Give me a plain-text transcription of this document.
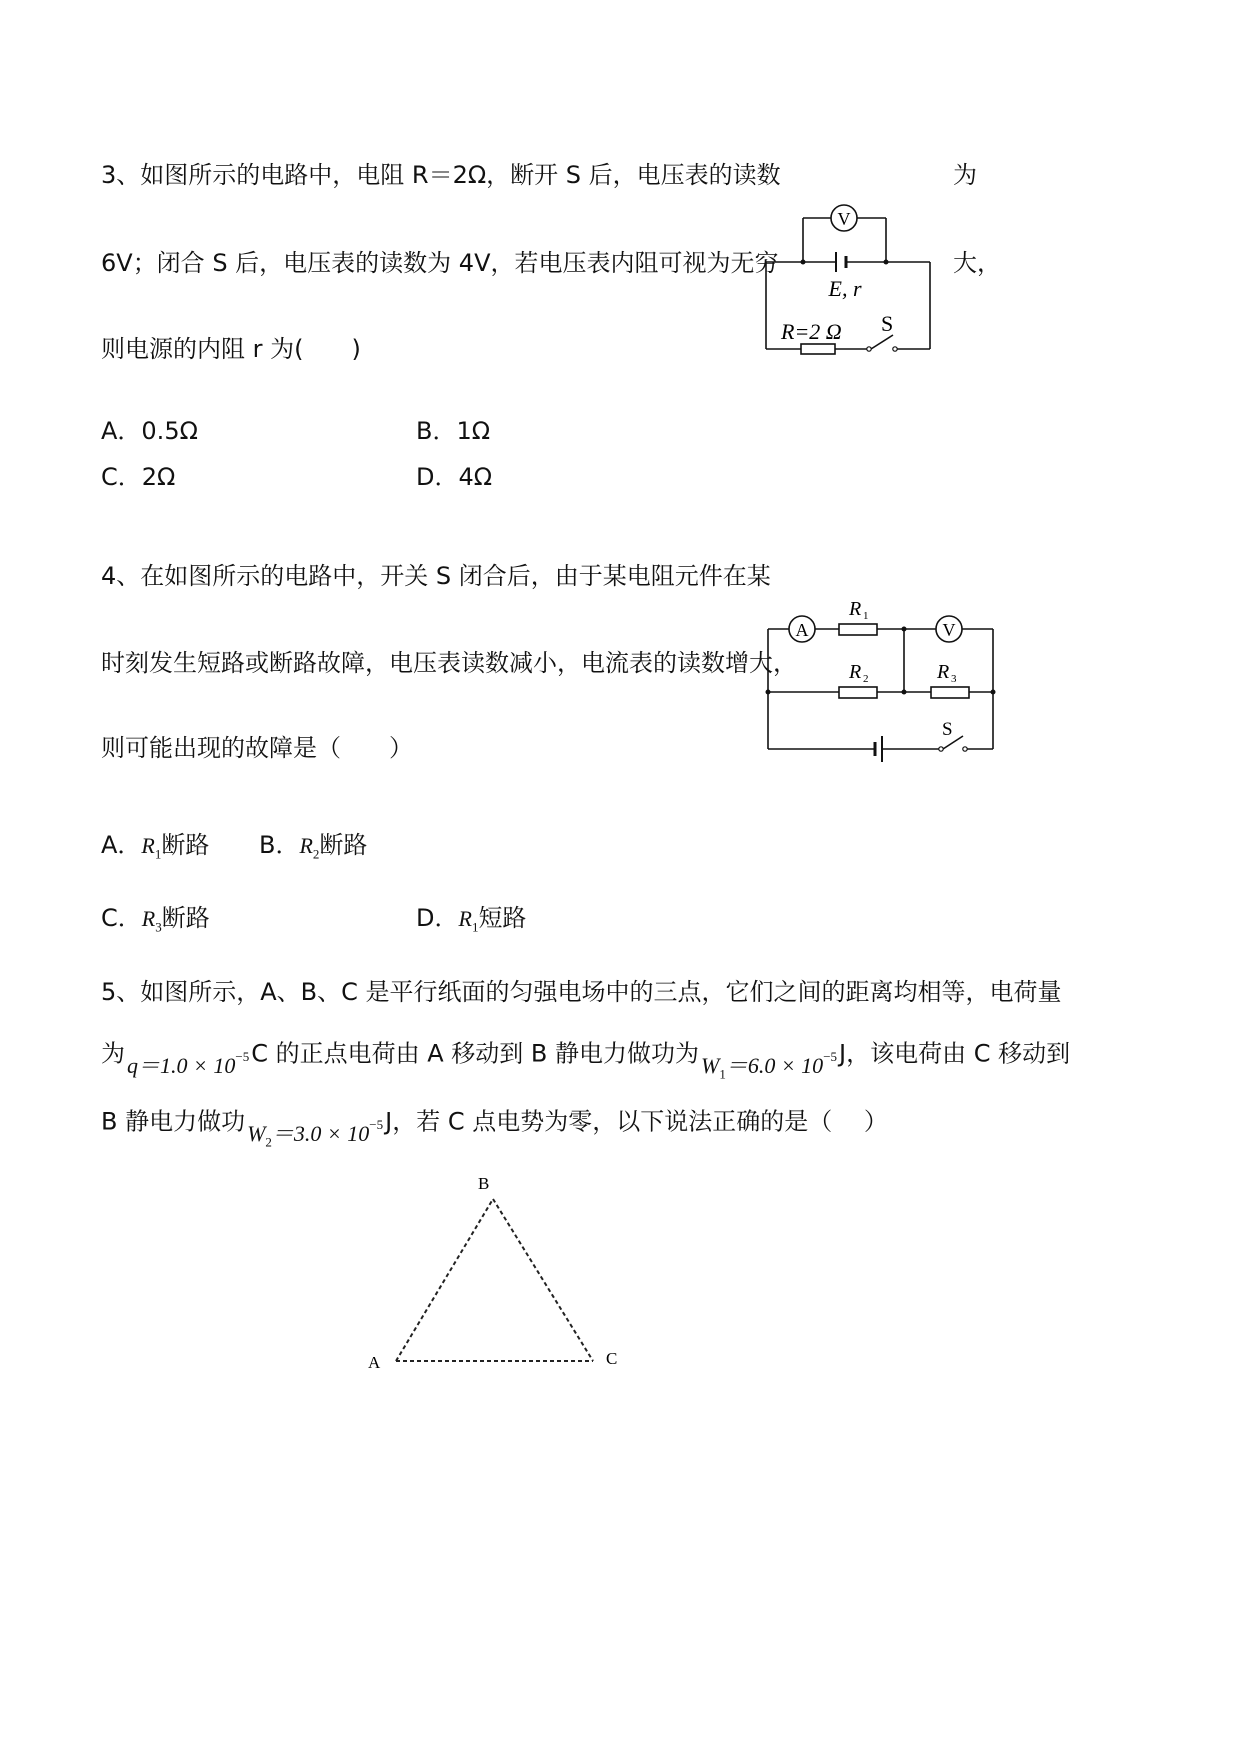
3、如图所示的电路中，电阻 R＝2Ω，断开 S 后，电压表的读数	为
6V；闭合 S 后，电压表的读数为 4V，若电压表内阻可视为无穷	大，
则电源的内阻 r 为(　　)
A．0.5Ω	B．1Ω
C．2Ω	D．4Ω
V
E, r
R=2 Ω S
4、在如图所示的电路中，开关 S 闭合后，由于某电阻元件在某
时刻发生短路或断路故障，电压表读数减小，电流表的读数增大，
则可能出现的故障是（　　）
A．$R_1$断路 B．$R_2$断路
C．$R_3$断路	D．$R_1$短路
A	V
R 1
R 2	R 3
S
5、如图所示，A、B、C 是平行纸面的匀强电场中的三点，它们之间的距离均相等，电荷量
为$q=1.0 \times 10^{-5}C$ 的正点电荷由 A 移动到 B 静电力做功为$W_1=6.0 \times 10^{-5}J$，该电荷由 C 移动到
B 静电力做功$W_2=3.0 \times 10^{-5}J$，若 C 点电势为零，以下说法正确的是（　 ）
B
A	C
